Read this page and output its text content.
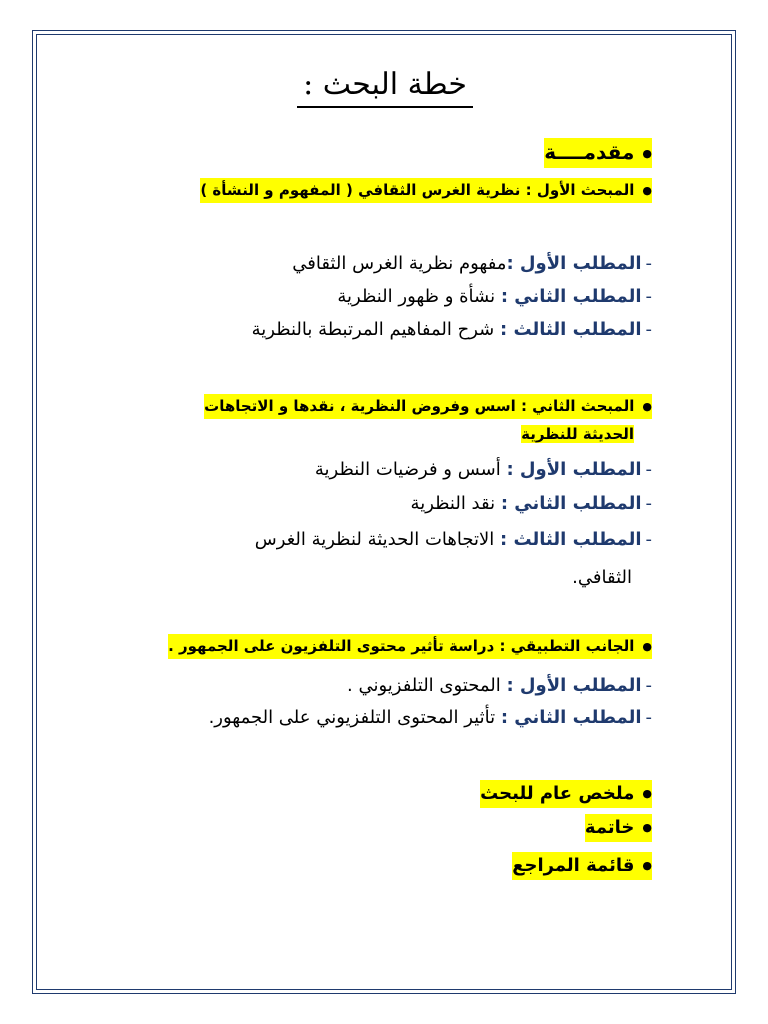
خطة البحث :
● مقدمــــة
● المبحث الأول : نظرية الغرس الثقافي ( المفهوم و النشأة )
-المطلب الأول :مفهوم نظرية الغرس الثقافي
-المطلب الثاني : نشأة و ظهور النظرية
-المطلب الثالث : شرح المفاهيم المرتبطة بالنظرية
● المبحث الثاني : اسس وفروض النظرية ، نقدها و الاتجاهات
الحديثة للنظرية
-المطلب الأول : أسس و فرضيات النظرية
-المطلب الثاني : نقد النظرية
-المطلب الثالث : الاتجاهات الحديثة لنظرية الغرس
الثقافي.
● الجانب التطبيقي : دراسة تأثير محتوى التلفزيون على الجمهور .
-المطلب الأول : المحتوى التلفزيوني .
-المطلب الثاني : تأثير المحتوى التلفزيوني على الجمهور.
● ملخص عام للبحث
● خاتمة
● قائمة المراجع
